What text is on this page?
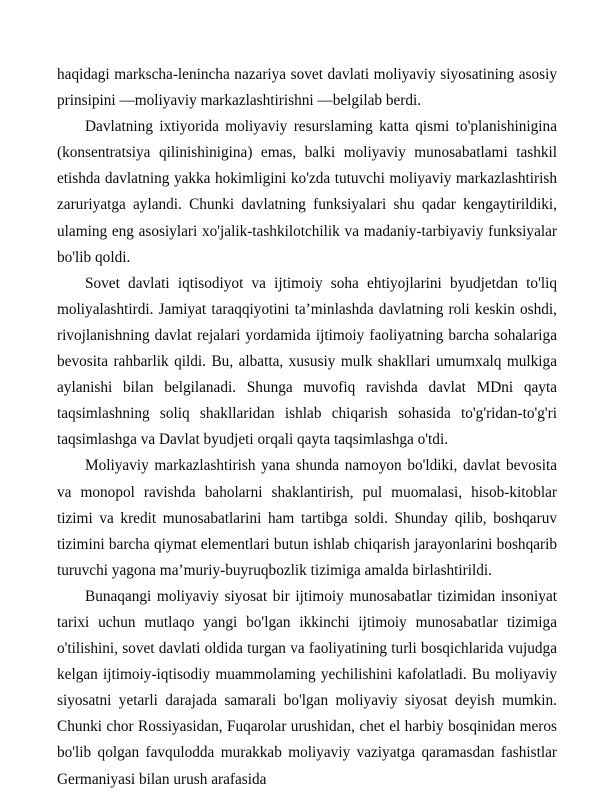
haqidagi markscha-lenincha nazariya sovet davlati moliyaviy siyosatining asosiy prinsipini —moliyaviy markazlashtirishni —belgilab berdi.

Davlatning ixtiyorida moliyaviy resurslaming katta qismi to'planishinigina (konsentratsiya qilinishinigina) emas, balki moliyaviy munosabatlami tashkil etishda davlatning yakka hokimligini ko'zda tutuvchi moliyaviy markazlashtirish zaruriyatga aylandi. Chunki davlatning funksiyalari shu qadar kengaytirildiki, ulaming eng asosiylari xo'jalik-tashkilotchilik va madaniy-tarbiyaviy funksiyalar bo'lib qoldi.

Sovet davlati iqtisodiyot va ijtimoiy soha ehtiyojlarini byudjetdan to'liq moliyalashtirdi. Jamiyat taraqqiyotini ta’minlashda davlatning roli keskin oshdi, rivojlanishning davlat rejalari yordamida ijtimoiy faoliyatning barcha sohalariga bevosita rahbarlik qildi. Bu, albatta, xususiy mulk shakllari umumxalq mulkiga aylanishi bilan belgilanadi. Shunga muvofiq ravishda davlat MDni qayta taqsimlashning soliq shakllaridan ishlab chiqarish sohasida to'g'ridan-to'g'ri taqsimlashga va Davlat byudjeti orqali qayta taqsimlashga o'tdi.

Moliyaviy markazlashtirish yana shunda namoyon bo'ldiki, davlat bevosita va monopol ravishda baholarni shaklantirish, pul muomalasi, hisob-kitoblar tizimi va kredit munosabatlarini ham tartibga soldi. Shunday qilib, boshqaruv tizimini barcha qiymat elementlari butun ishlab chiqarish jarayonlarini boshqarib turuvchi yagona ma’muriy-buyruqbozlik tizimiga amalda birlashtirildi.

Bunaqangi moliyaviy siyosat bir ijtimoiy munosabatlar tizimidan insoniyat tarixi uchun mutlaqo yangi bo'lgan ikkinchi ijtimoiy munosabatlar tizimiga o'tilishini, sovet davlati oldida turgan va faoliyatining turli bosqichlarida vujudga kelgan ijtimoiy-iqtisodiy muammolaming yechilishini kafolatladi. Bu moliyaviy siyosatni yetarli darajada samarali bo'lgan moliyaviy siyosat deyish mumkin. Chunki chor Rossiyasidan, Fuqarolar urushidan, chet el harbiy bosqinidan meros bo'lib qolgan favqulodda murakkab moliyaviy vaziyatga qaramasdan fashistlar Germaniyasi bilan urush arafasida
